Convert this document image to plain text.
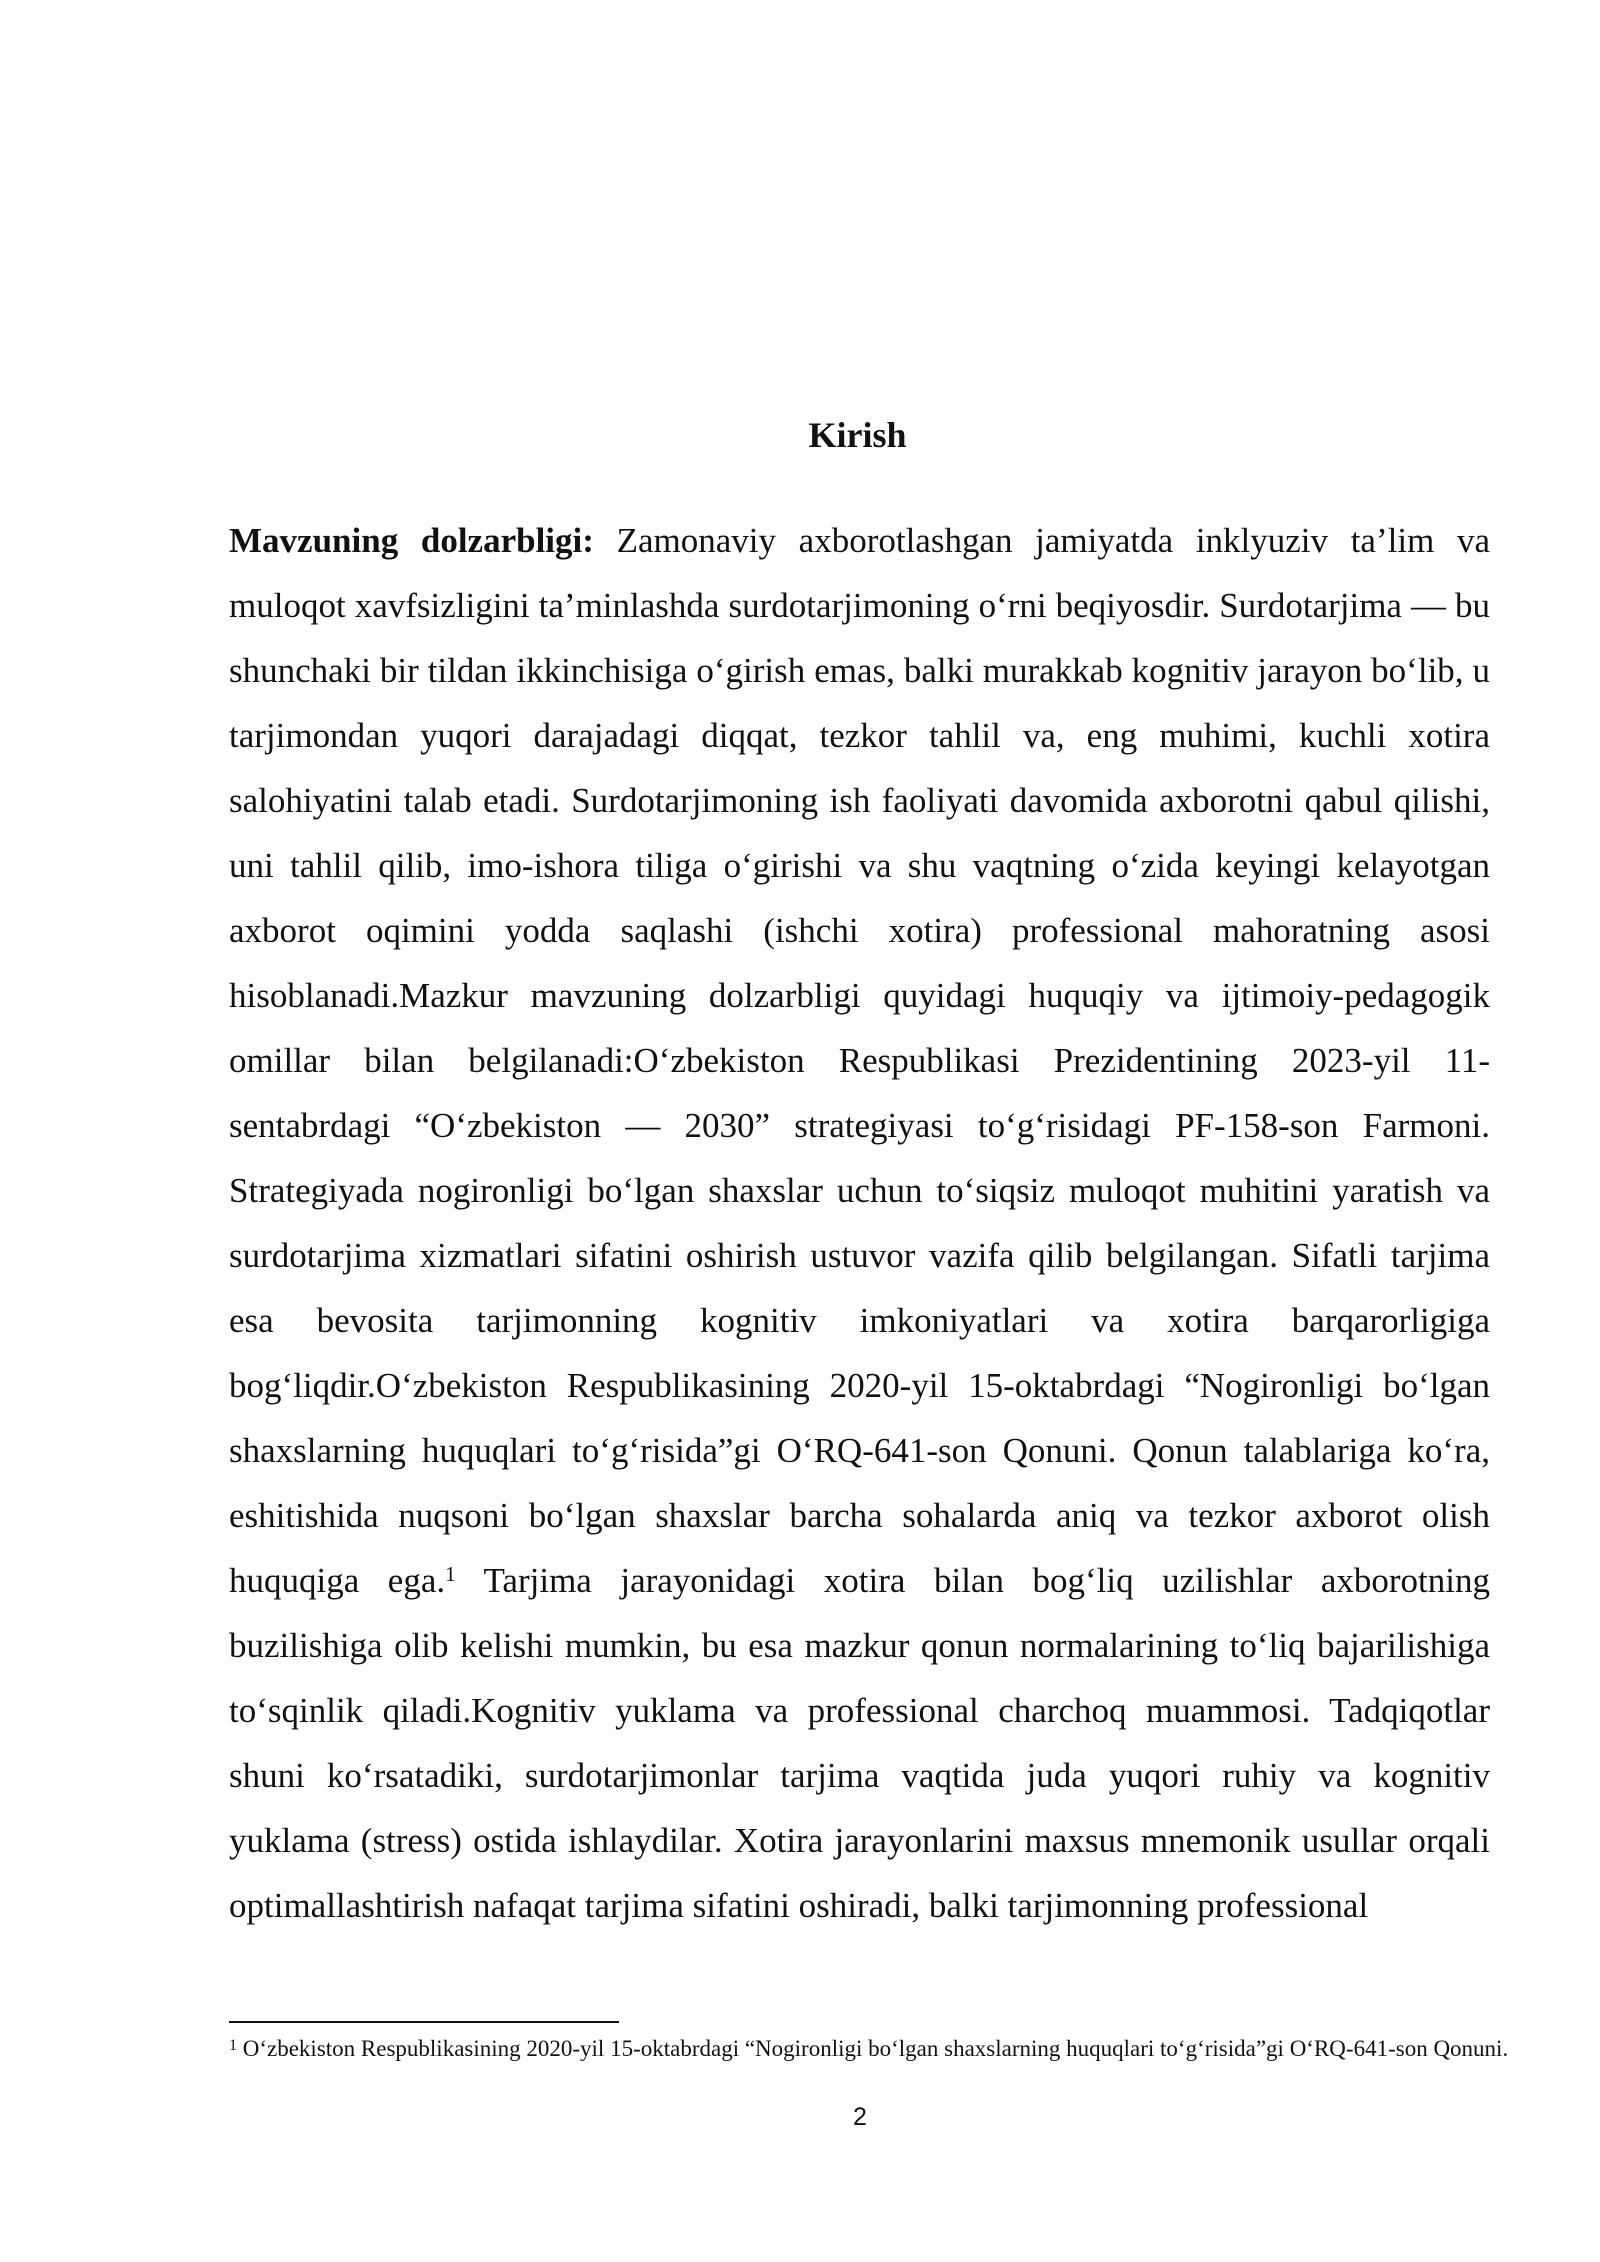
Kirish

Mavzuning dolzarbligi: Zamonaviy axborotlashgan jamiyatda inklyuziv ta’lim va muloqot xavfsizligini ta’minlashda surdotarjimoning o‘rni beqiyosdir. Surdotarjima — bu shunchaki bir tildan ikkinchisiga o‘girish emas, balki murakkab kognitiv jarayon bo‘lib, u tarjimondan yuqori darajadagi diqqat, tezkor tahlil va, eng muhimi, kuchli xotira salohiyatini talab etadi. Surdotarjimoning ish faoliyati davomida axborotni qabul qilishi, uni tahlil qilib, imo-ishora tiliga o‘girishi va shu vaqtning o‘zida keyingi kelayotgan axborot oqimini yodda saqlashi (ishchi xotira) professional mahoratning asosi hisoblanadi.Mazkur mavzuning dolzarbligi quyidagi huquqiy va ijtimoiy-pedagogik omillar bilan belgilanadi:O‘zbekiston Respublikasi Prezidentining 2023-yil 11-sentabrdagi “O‘zbekiston — 2030” strategiyasi to‘g‘risidagi PF-158-son Farmoni. Strategiyada nogironligi bo‘lgan shaxslar uchun to‘siqsiz muloqot muhitini yaratish va surdotarjima xizmatlari sifatini oshirish ustuvor vazifa qilib belgilangan. Sifatli tarjima esa bevosita tarjimonning kognitiv imkoniyatlari va xotira barqarorligiga bog‘liqdir.O‘zbekiston Respublikasining 2020-yil 15-oktabrdagi “Nogironligi bo‘lgan shaxslarning huquqlari to‘g‘risida”gi O‘RQ-641-son Qonuni. Qonun talablariga ko‘ra, eshitishida nuqsoni bo‘lgan shaxslar barcha sohalarda aniq va tezkor axborot olish huquqiga ega.$^1$ Tarjima jarayonidagi xotira bilan bog‘liq uzilishlar axborotning buzilishiga olib kelishi mumkin, bu esa mazkur qonun normalarining to‘liq bajarilishiga to‘sqinlik qiladi.Kognitiv yuklama va professional charchoq muammosi. Tadqiqotlar shuni ko‘rsatadiki, surdotarjimonlar tarjima vaqtida juda yuqori ruhiy va kognitiv yuklama (stress) ostida ishlaydilar. Xotira jarayonlarini maxsus mnemonik usullar orqali optimallashtirish nafaqat tarjima sifatini oshiradi, balki tarjimonning professional

$^1$ O‘zbekiston Respublikasining 2020-yil 15-oktabrdagi “Nogironligi bo‘lgan shaxslarning huquqlari to‘g‘risida”gi O‘RQ-641-son Qonuni.

2
